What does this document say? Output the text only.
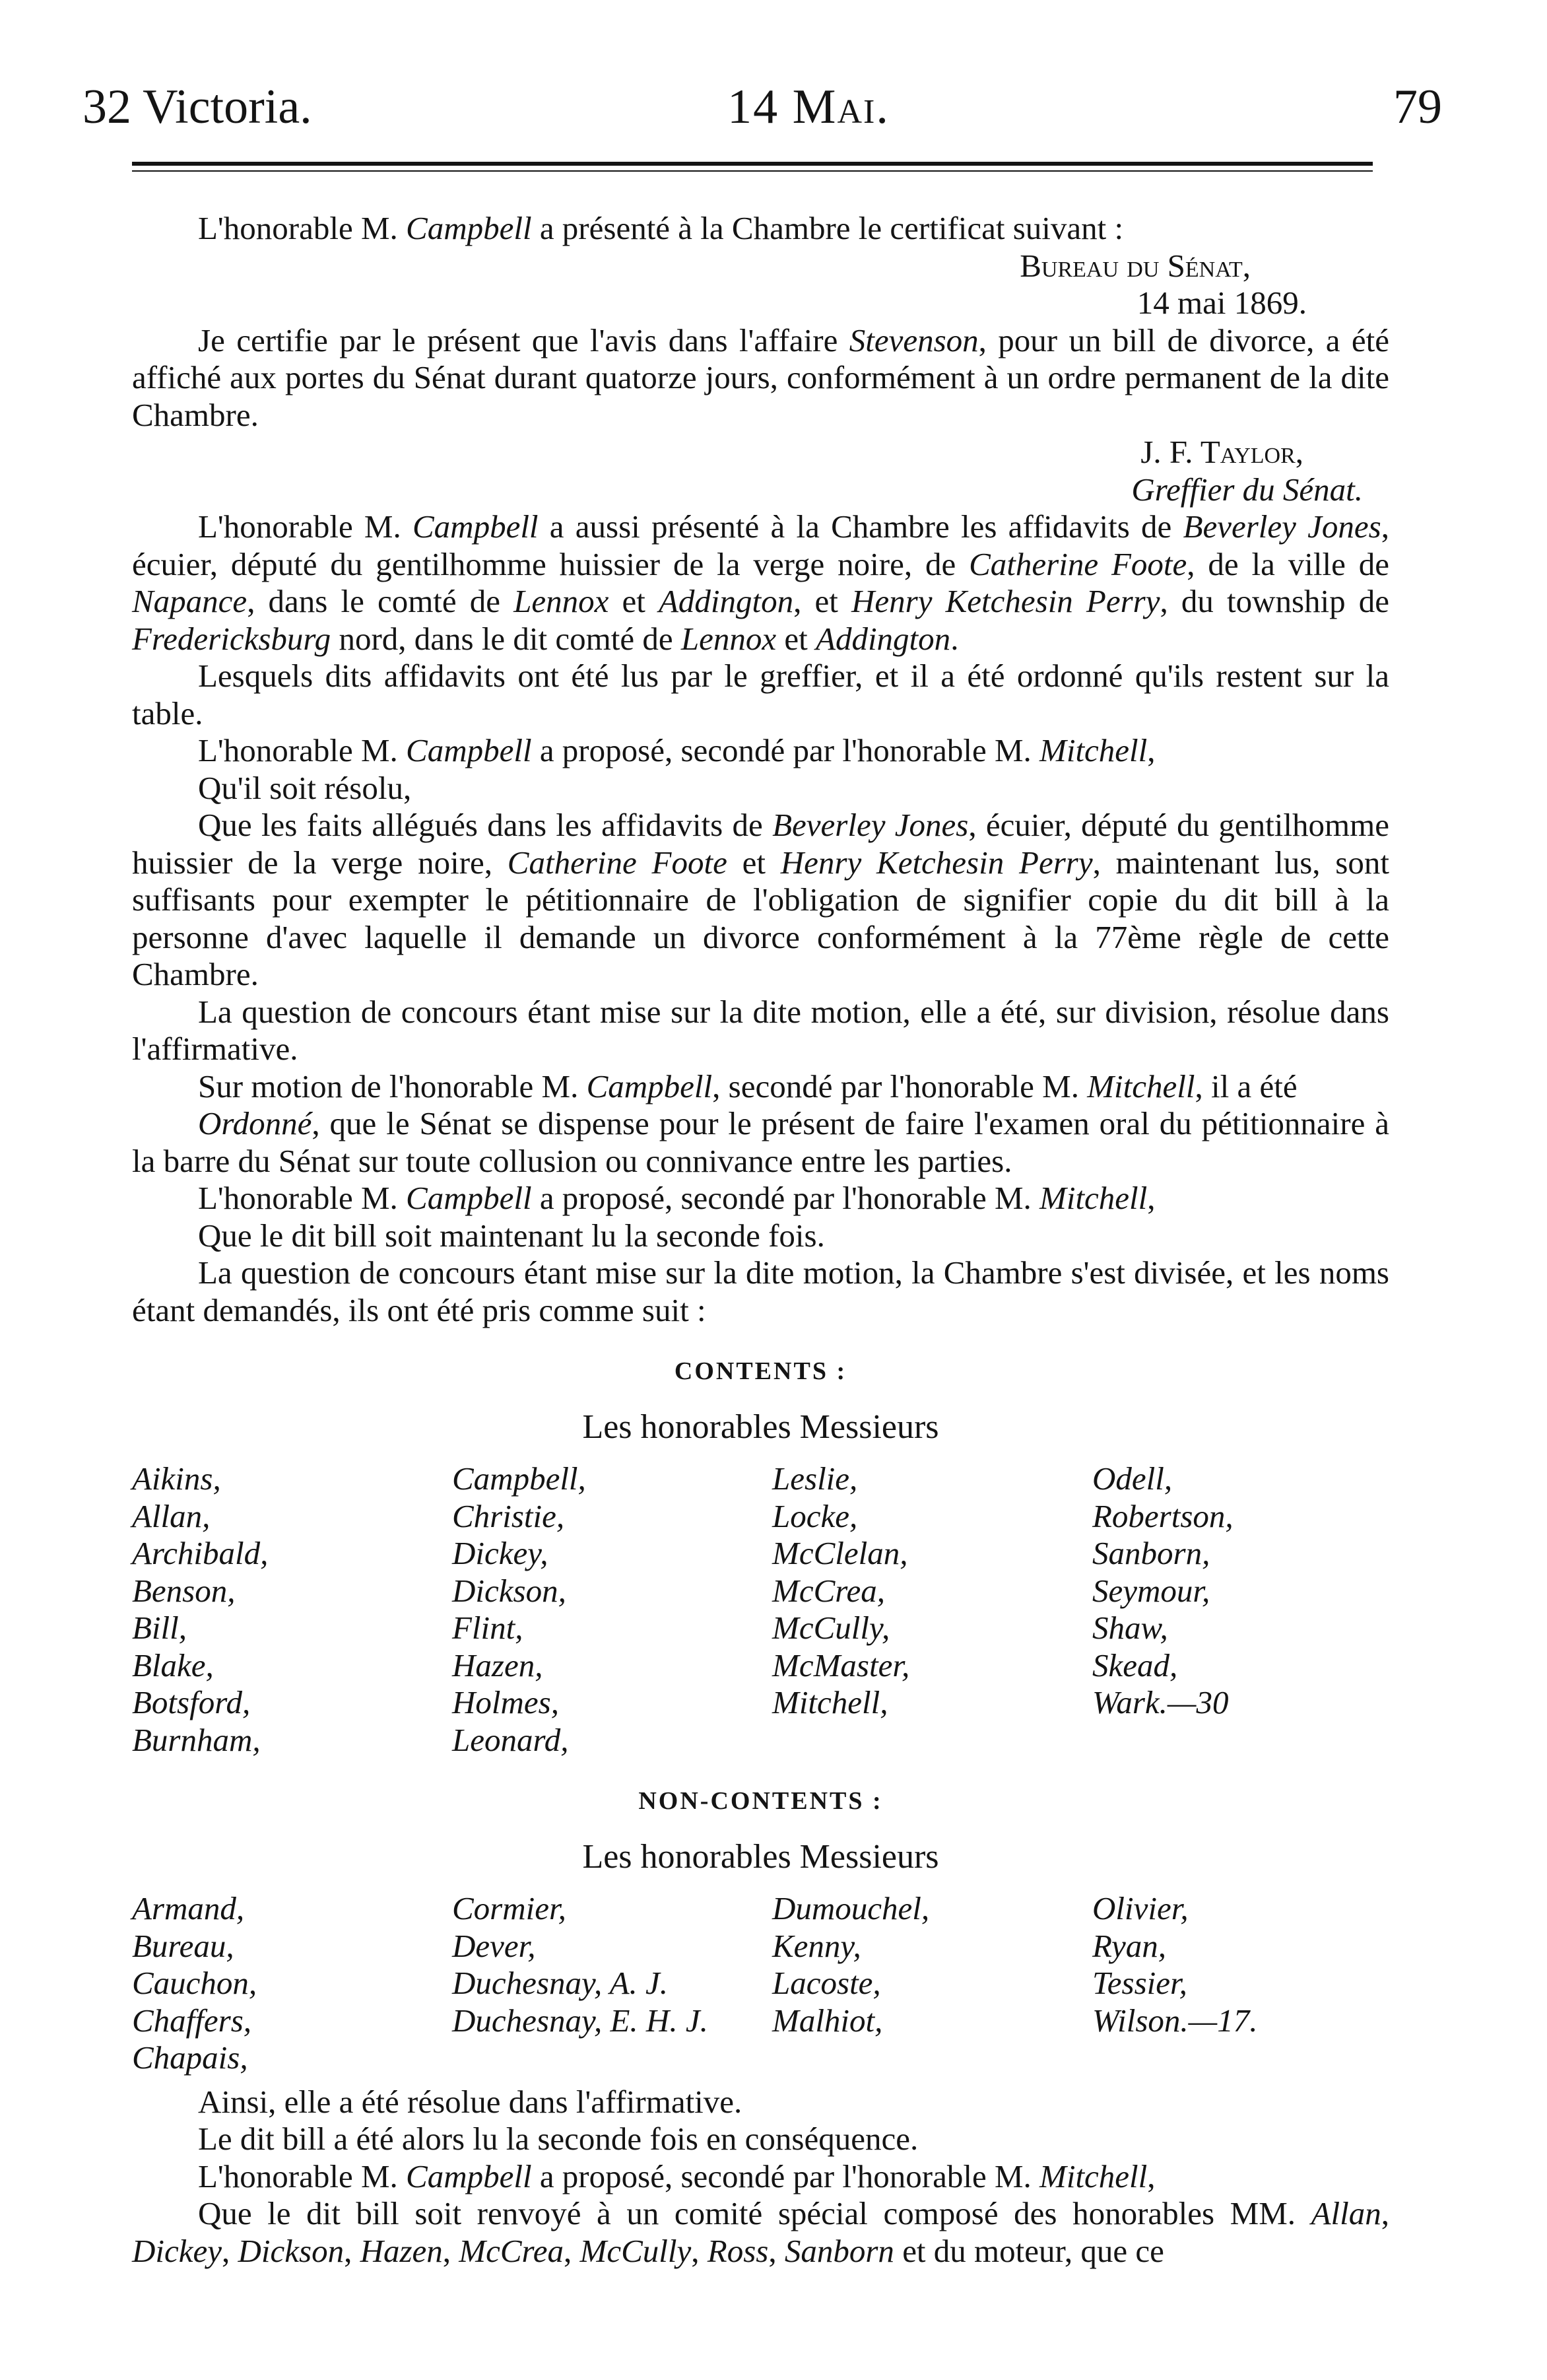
32 Victoria.	14 Mai.	79

L'honorable M. Campbell a présenté à la Chambre le certificat suivant :

Bureau du Sénat,

14 mai 1869.

Je certifie par le présent que l'avis dans l'affaire Stevenson, pour un bill de divorce, a été affiché aux portes du Sénat durant quatorze jours, conformément à un ordre permanent de la dite Chambre.

J. F. Taylor,

Greffier du Sénat.

L'honorable M. Campbell a aussi présenté à la Chambre les affidavits de Beverley Jones, écuier, député du gentilhomme huissier de la verge noire, de Catherine Foote, de la ville de Napance, dans le comté de Lennox et Addington, et Henry Ketchesin Perry, du township de Fredericksburg nord, dans le dit comté de Lennox et Addington.

Lesquels dits affidavits ont été lus par le greffier, et il a été ordonné qu'ils restent sur la table.

L'honorable M. Campbell a proposé, secondé par l'honorable M. Mitchell,

Qu'il soit résolu,

Que les faits allégués dans les affidavits de Beverley Jones, écuier, député du gentilhomme huissier de la verge noire, Catherine Foote et Henry Ketchesin Perry, maintenant lus, sont suffisants pour exempter le pétitionnaire de l'obligation de signifier copie du dit bill à la personne d'avec laquelle il demande un divorce conformément à la 77ème règle de cette Chambre.

La question de concours étant mise sur la dite motion, elle a été, sur division, résolue dans l'affirmative.

Sur motion de l'honorable M. Campbell, secondé par l'honorable M. Mitchell, il a été

Ordonné, que le Sénat se dispense pour le présent de faire l'examen oral du pétitionnaire à la barre du Sénat sur toute collusion ou connivance entre les parties.

L'honorable M. Campbell a proposé, secondé par l'honorable M. Mitchell,

Que le dit bill soit maintenant lu la seconde fois.

La question de concours étant mise sur la dite motion, la Chambre s'est divisée, et les noms étant demandés, ils ont été pris comme suit :

CONTENTS :

Les honorables Messieurs

Aikins,
Allan,
Archibald,
Benson,
Bill,
Blake,
Botsford,
Burnham,
Campbell,
Christie,
Dickey,
Dickson,
Flint,
Hazen,
Holmes,
Leonard,
Leslie,
Locke,
McClelan,
McCrea,
McCully,
McMaster,
Mitchell,
Odell,
Robertson,
Sanborn,
Seymour,
Shaw,
Skead,
Wark.—30

NON-CONTENTS :

Les honorables Messieurs

Armand,
Bureau,
Cauchon,
Chaffers,
Chapais,
Cormier,
Dever,
Duchesnay, A. J.
Duchesnay, E. H. J.
Dumouchel,
Kenny,
Lacoste,
Malhiot,
Olivier,
Ryan,
Tessier,
Wilson.—17.

Ainsi, elle a été résolue dans l'affirmative.

Le dit bill a été alors lu la seconde fois en conséquence.

L'honorable M. Campbell a proposé, secondé par l'honorable M. Mitchell,

Que le dit bill soit renvoyé à un comité spécial composé des honorables MM. Allan, Dickey, Dickson, Hazen, McCrea, McCully, Ross, Sanborn et du moteur, que ce
